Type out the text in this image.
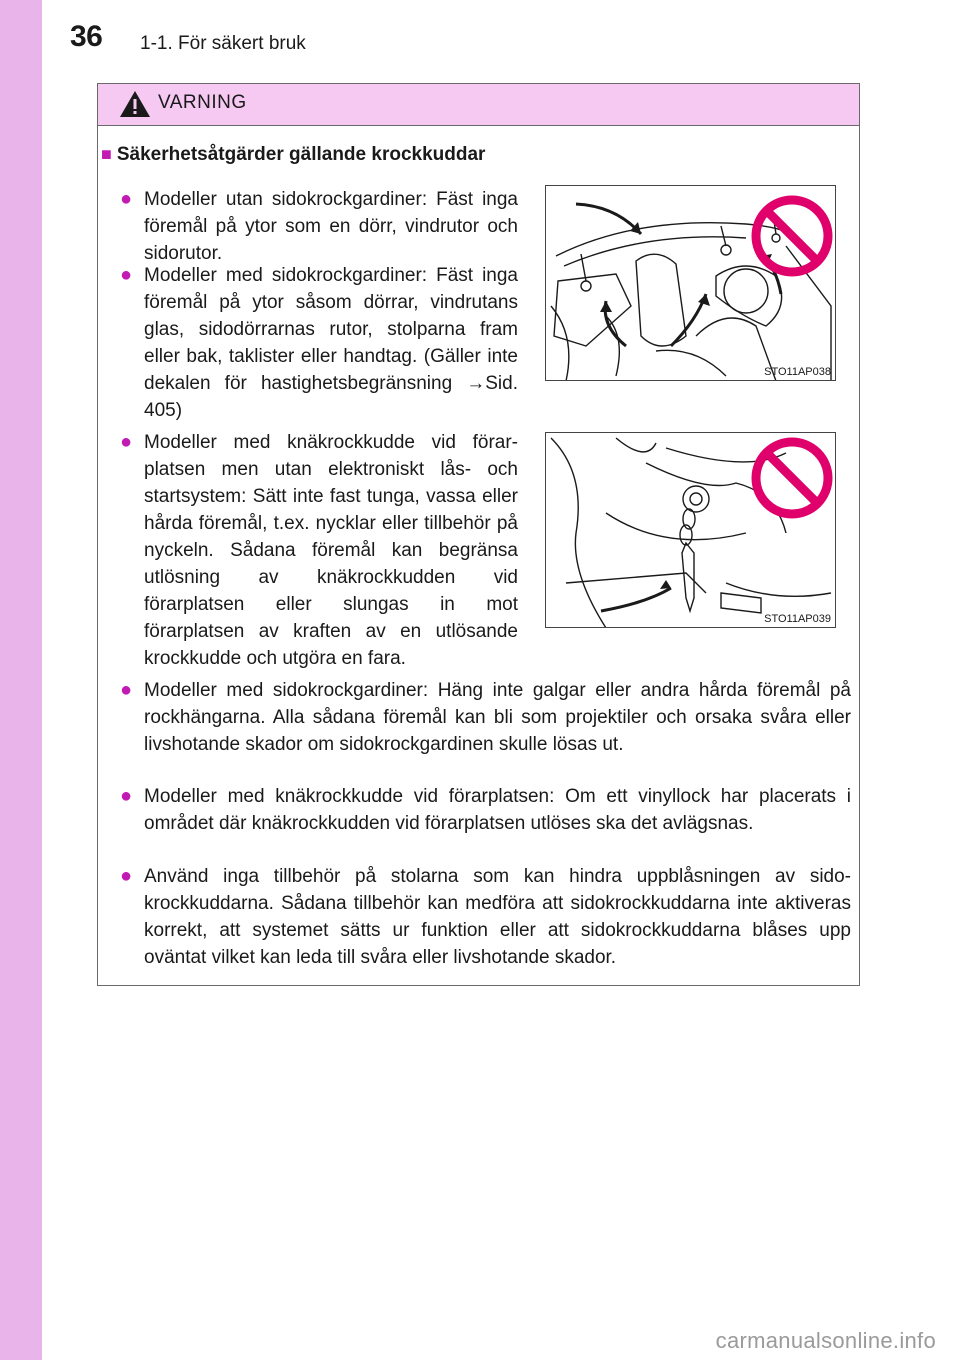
36 1-1. För säkert bruk
VARNING
■ Säkerhetsåtgärder gällande krockkuddar
● Modeller utan sidokrockgardiner: Fäst inga föremål på ytor som en dörr, vindrutor och sidorutor.
● Modeller med sidokrockgardiner: Fäst inga föremål på ytor såsom dörrar, vindrutans glas, sidodörrarnas rutor, stolparna fram eller bak, taklister eller handtag. (Gäller inte dekalen för hastighetsbegränsning →Sid. 405)
STO11AP038
● Modeller med knäkrockkudde vid förarplatsen men utan elektroniskt lås- och startsystem: Sätt inte fast tunga, vassa eller hårda föremål, t.ex. nycklar eller tillbehör på nyckeln. Sådana föremål kan begränsa utlösning av knäkrockkudden vid förarplatsen eller slungas in mot förarplatsen av kraften av en utlösande krockkudde och utgöra en fara.
STO11AP039
● Modeller med sidokrockgardiner: Häng inte galgar eller andra hårda föremål på rockhängarna. Alla sådana föremål kan bli som projektiler och orsaka svåra eller livshotande skador om sidokrockgardinen skulle lösas ut.
● Modeller med knäkrockkudde vid förarplatsen: Om ett vinyllock har placerats i området där knäkrockkudden vid förarplatsen utlöses ska det avlägsnas.
● Använd inga tillbehör på stolarna som kan hindra uppblåsningen av sidokrockkuddarna. Sådana tillbehör kan medföra att sidokrockkuddarna inte aktiveras korrekt, att systemet sätts ur funktion eller att sidokrockkuddarna blåses upp oväntat vilket kan leda till svåra eller livshotande skador.
carmanualsonline.info
